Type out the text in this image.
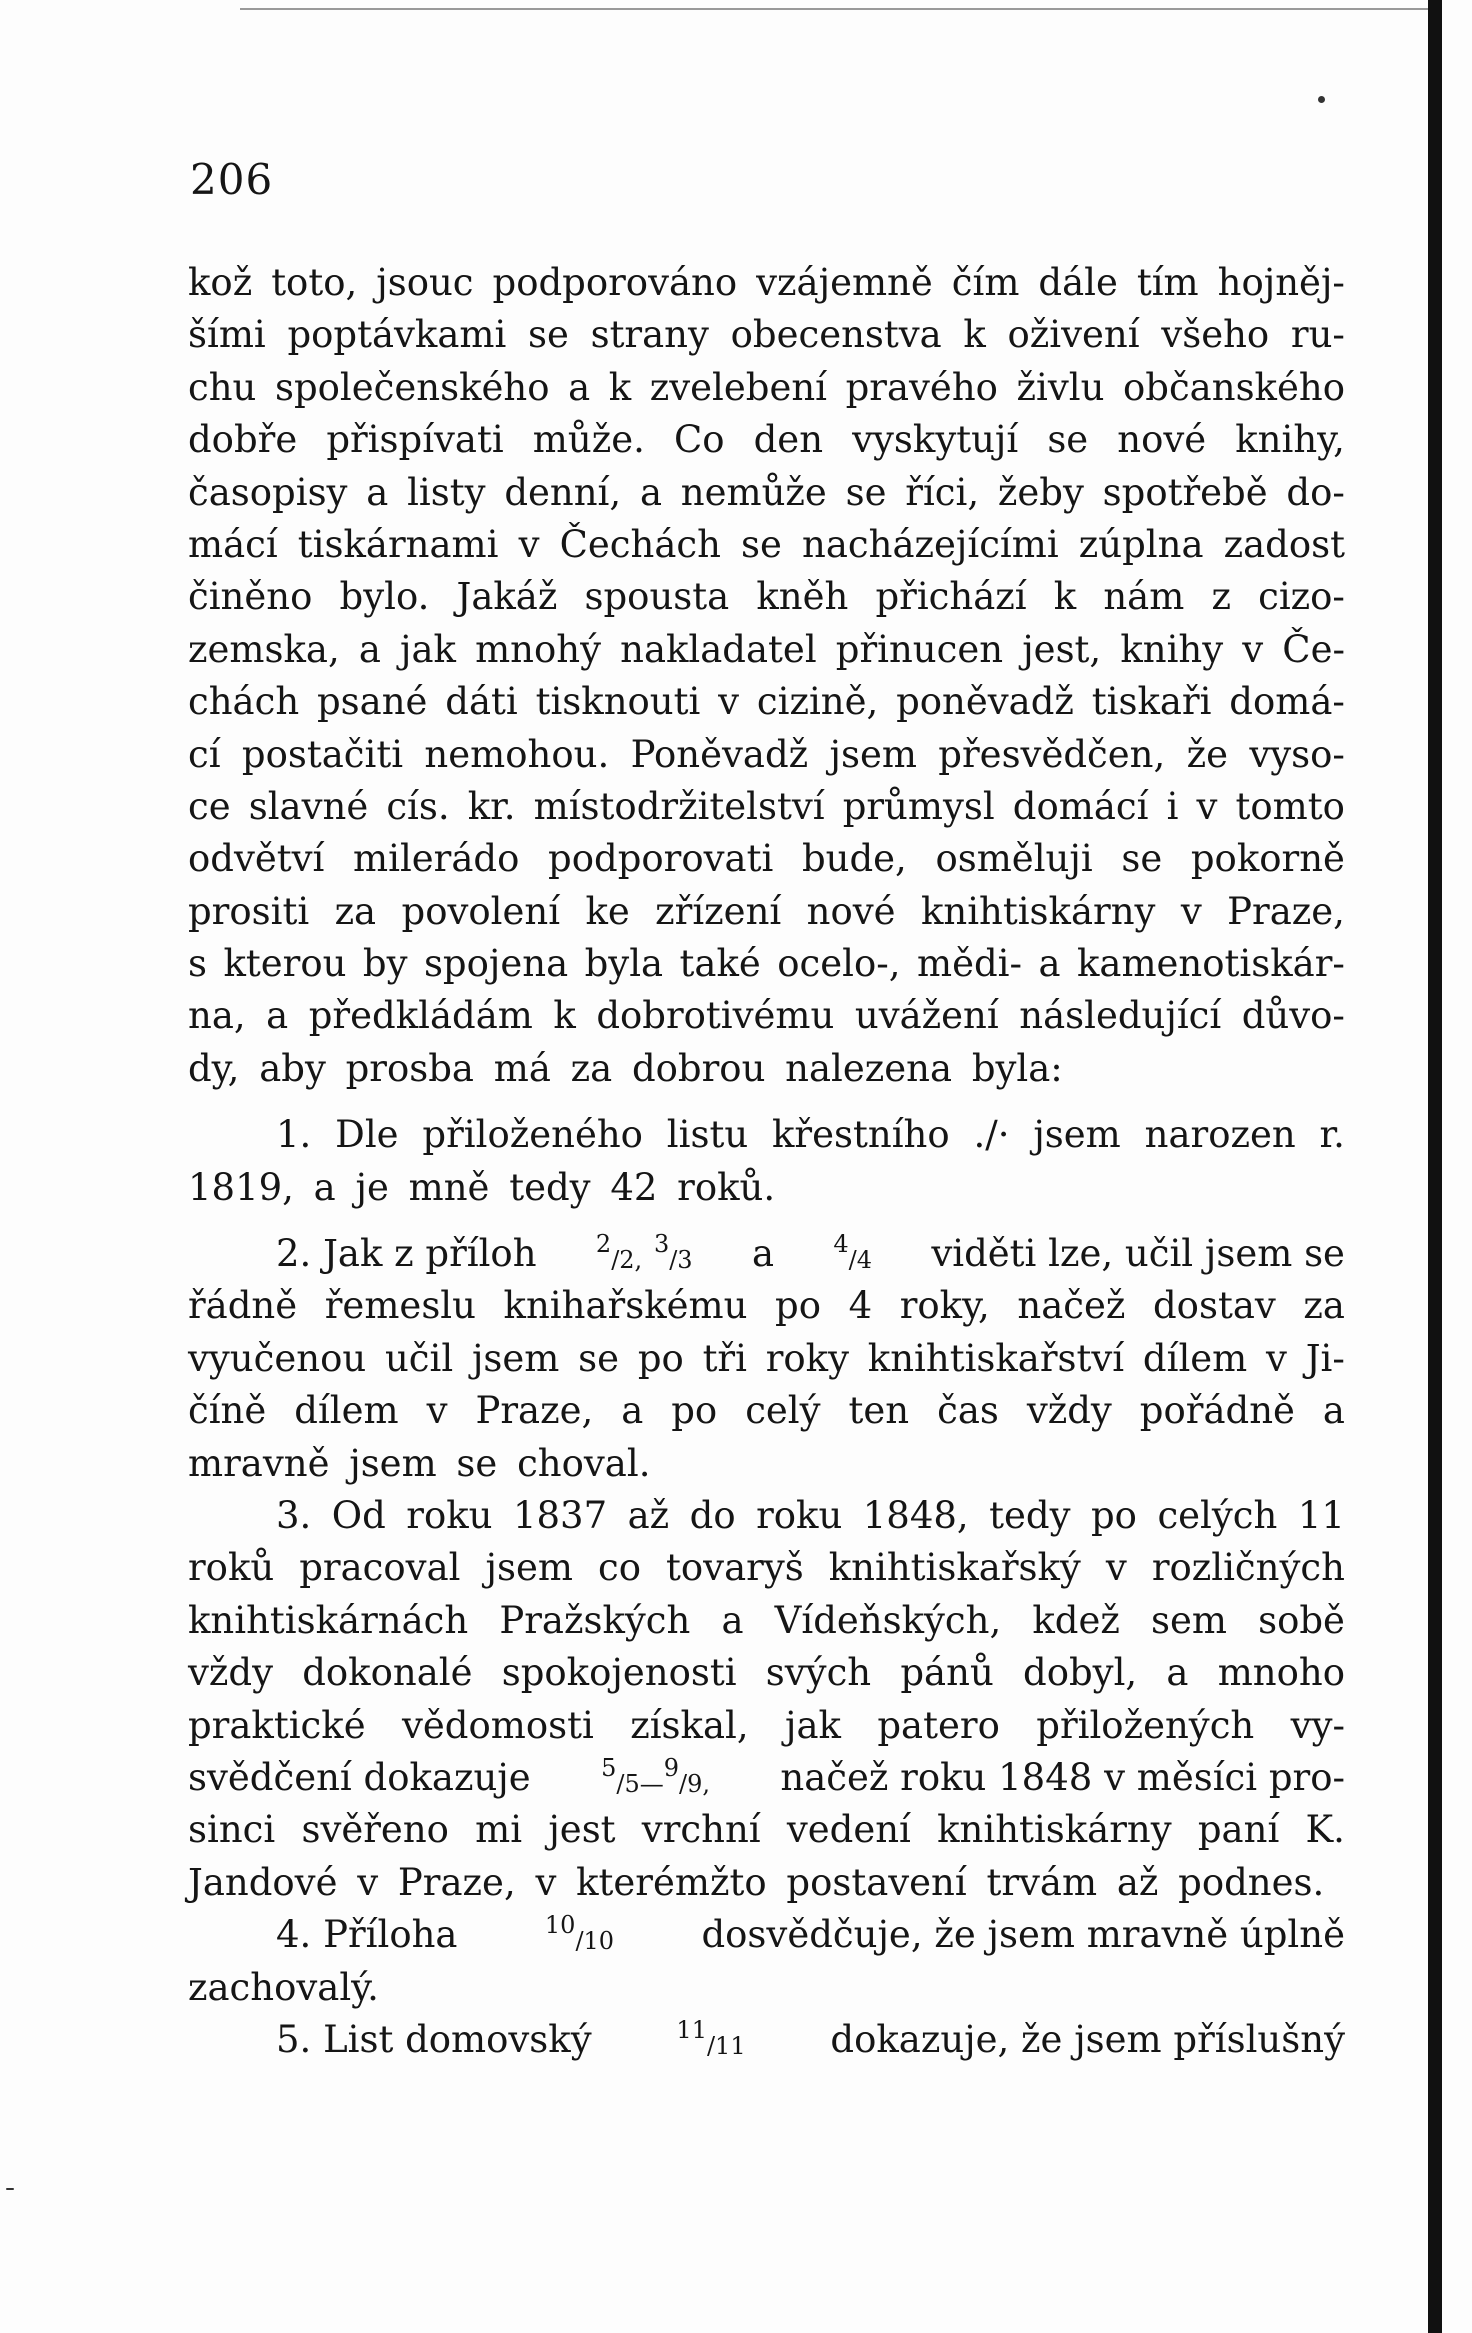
206
kož toto, jsouc podporováno vzájemně čím dále tím hojněj-
šími poptávkami se strany obecenstva k oživení všeho ru-
chu společenského a k zvelebení pravého živlu občanského
dobře přispívati může. Co den vyskytují se nové knihy,
časopisy a listy denní, a nemůže se říci, žeby spotřebě do-
mácí tiskárnami v Čechách se nacházejícími zúplna zadost
činěno bylo. Jakáž spousta kněh přichází k nám z cizo-
zemska, a jak mnohý nakladatel přinucen jest, knihy v Če-
chách psané dáti tisknouti v cizině, poněvadž tiskaři domá-
cí postačiti nemohou. Poněvadž jsem přesvědčen, že vyso-
ce slavné cís. kr. místodržitelství průmysl domácí i v tomto
odvětví milerádo podporovati bude, osměluji se pokorně
prositi za povolení ke zřízení nové knihtiskárny v Praze,
s kterou by spojena byla také ocelo-, mědi- a kamenotiskár-
na, a předkládám k dobrotivému uvážení následující důvo-
dy, aby prosba má za dobrou nalezena byla:
1. Dle přiloženého listu křestního ./· jsem narozen r.
1819, a je mně tedy 42 roků.
2. Jak z příloh $^2_{/2,}$ $^3_{/3}$ a $^4_{/4}$ viděti lze, učil jsem se
řádně řemeslu knihařskému po 4 roky, načež dostav za
vyučenou učil jsem se po tři roky knihtiskařství dílem v Ji-
číně dílem v Praze, a po celý ten čas vždy pořádně a
mravně jsem se choval.
3. Od roku 1837 až do roku 1848, tedy po celých 11
roků pracoval jsem co tovaryš knihtiskařský v rozličných
knihtiskárnách Pražských a Vídeňských, kdež sem sobě
vždy dokonalé spokojenosti svých pánů dobyl, a mnoho
praktické vědomosti získal, jak patero přiložených vy-
svědčení dokazuje	$^5_{/5—}^9_{/9,}$ načež roku 1848 v měsíci pro-
sinci svěřeno mi jest vrchní vedení knihtiskárny paní K.
Jandové v Praze, v kterémžto postavení trvám až podnes.
4. Příloha	$^{10}_{/10}$ dosvědčuje, že jsem mravně úplně
zachovalý.
5. List domovský	$^{11}_{/11}$ dokazuje, že jsem příslušný
